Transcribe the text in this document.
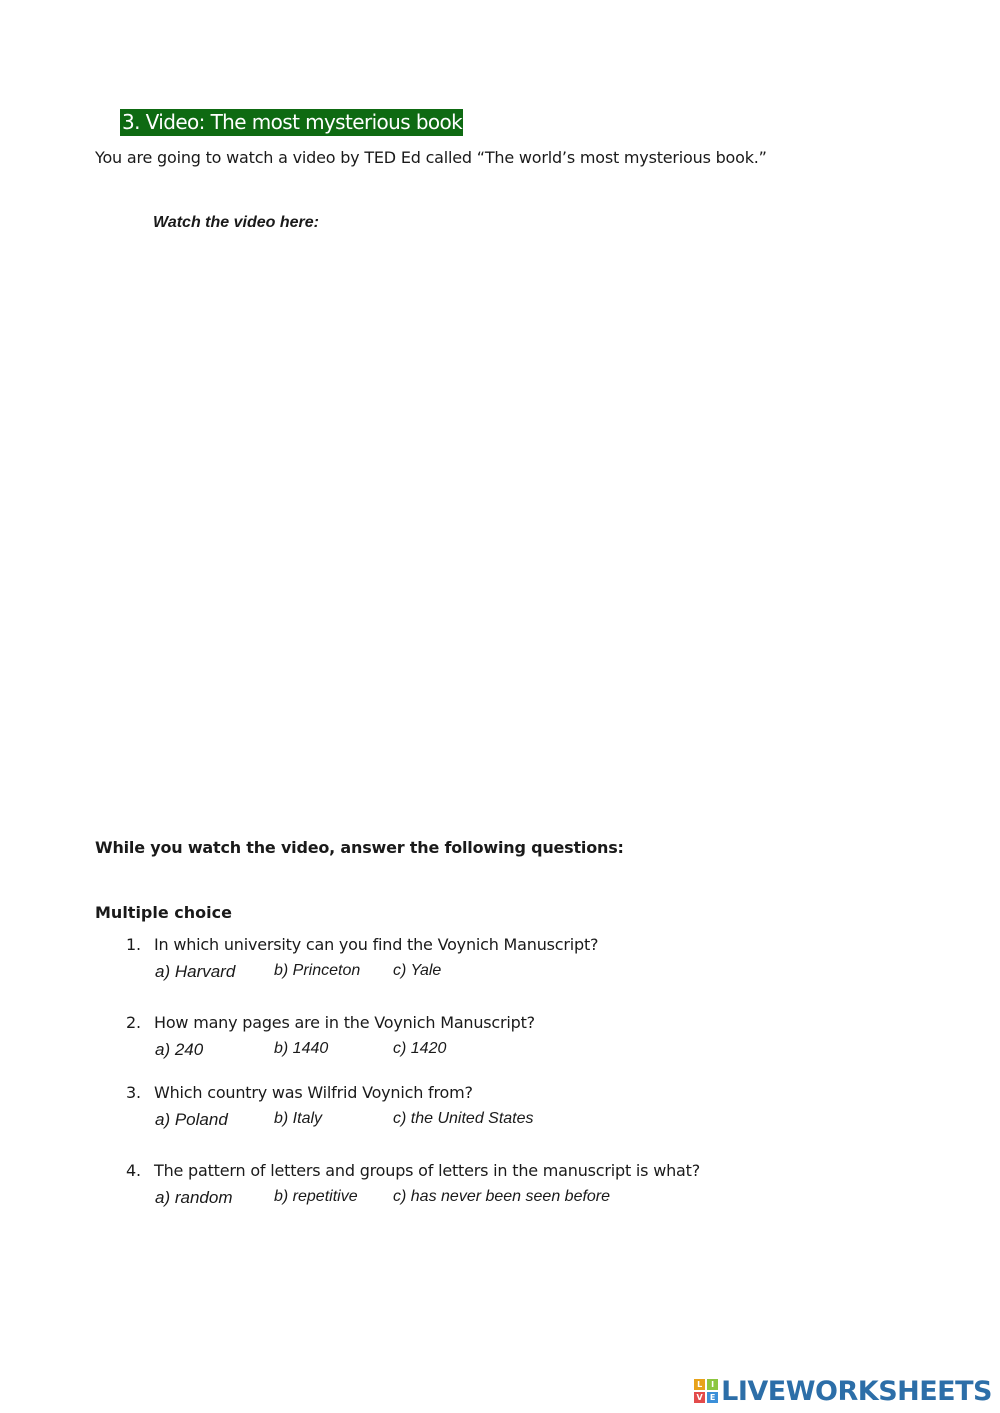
3. Video: The most mysterious book
You are going to watch a video by TED Ed called “The world’s most mysterious book.”
Watch the video here:
While you watch the video, answer the following questions:
Multiple choice
1. In which university can you find the Voynich Manuscript?
a) Harvard	b) Princeton	c) Yale
2. How many pages are in the Voynich Manuscript?
a) 240	b) 1440	c) 1420
3. Which country was Wilfrid Voynich from?
a) Poland	b) Italy	c) the United States
4. The pattern of letters and groups of letters in the manuscript is what?
a) random	b) repetitive	c) has never been seen before
L	I
V E LIVEWORKSHEETS
